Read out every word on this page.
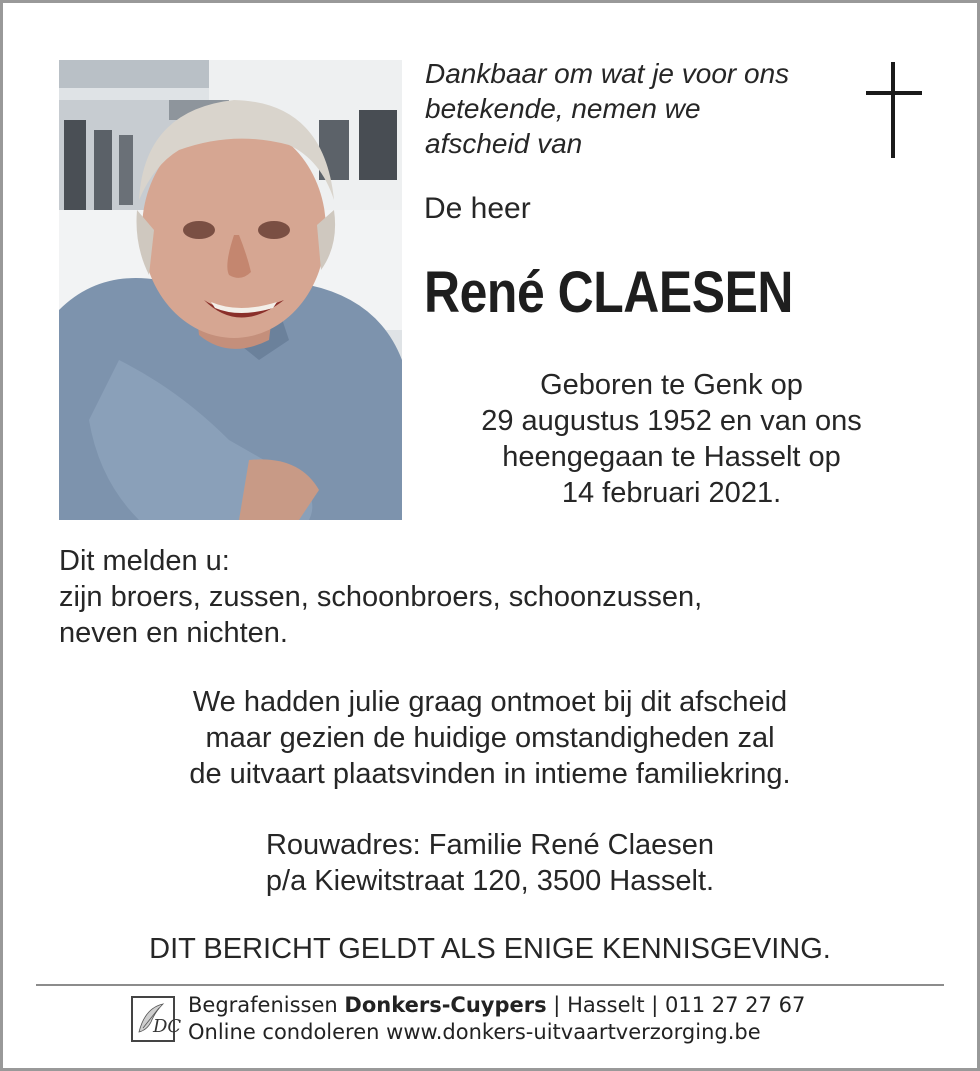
Dankbaar om wat je voor ons
betekende, nemen we
afscheid van
De heer
René CLAESEN
Geboren te Genk op
29 augustus 1952 en van ons
heengegaan te Hasselt op
14 februari 2021.
Dit melden u:
zijn broers, zussen, schoonbroers, schoonzussen,
neven en nichten.
We hadden julie graag ontmoet bij dit afscheid
maar gezien de huidige omstandigheden zal
de uitvaart plaatsvinden in intieme familiekring.
Rouwadres: Familie René Claesen
p/a Kiewitstraat 120, 3500 Hasselt.
DIT BERICHT GELDT ALS ENIGE KENNISGEVING.
DC
Begrafenissen Donkers-Cuypers | Hasselt | 011 27 27 67
Online condoleren www.donkers-uitvaartverzorging.be
